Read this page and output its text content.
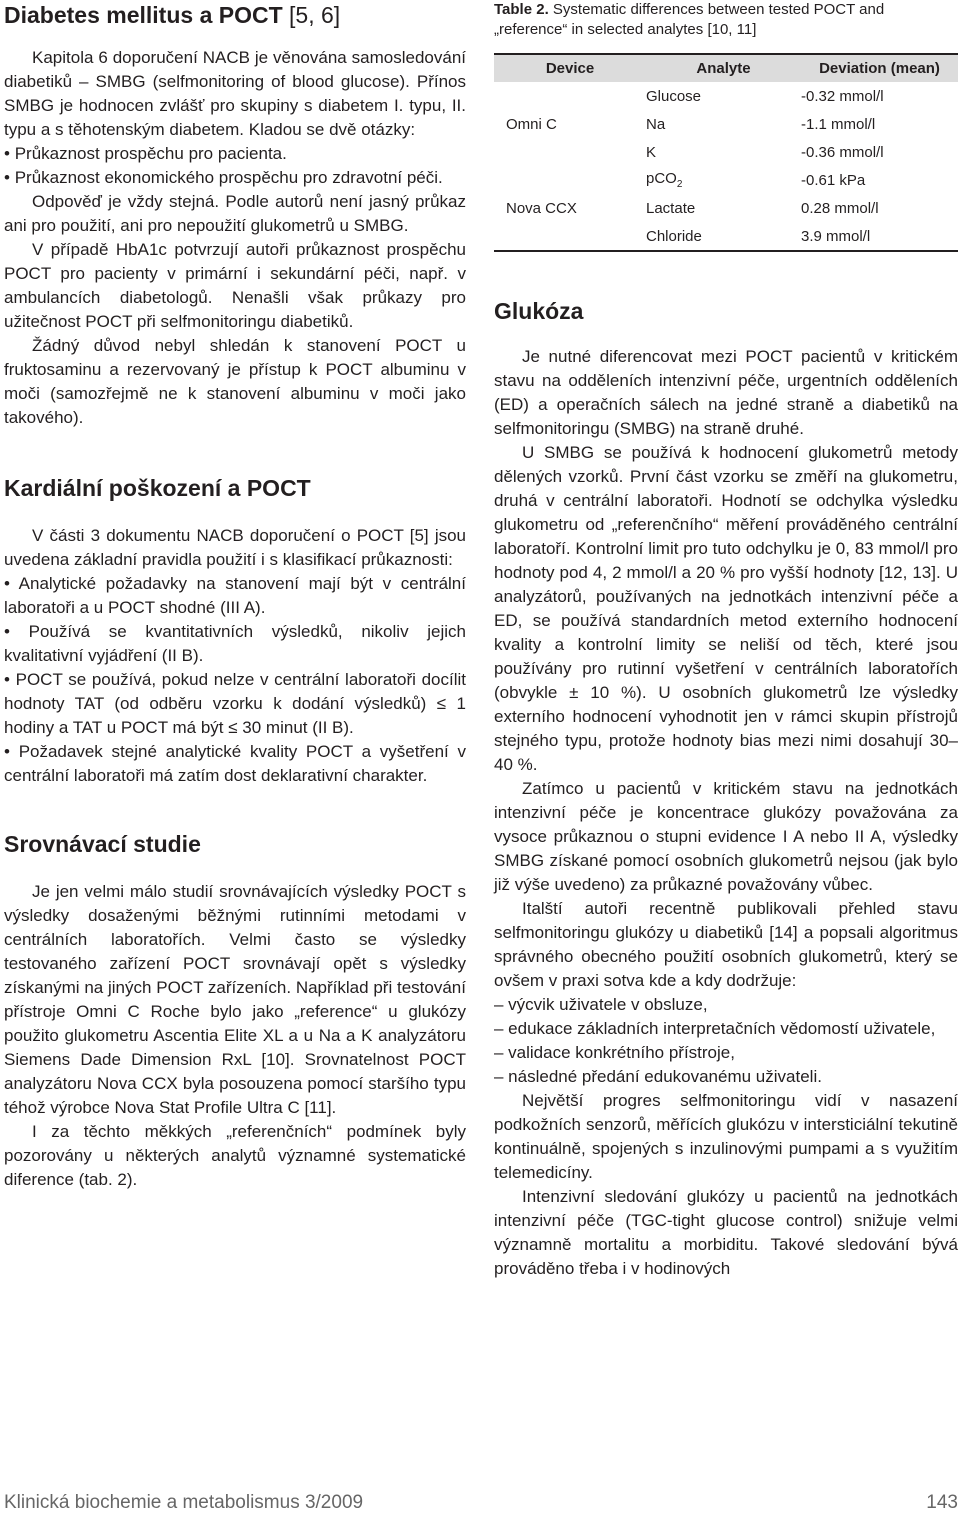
Diabetes mellitus a POCT [5, 6]

Kapitola 6 doporučení NACB je věnována samosledování diabetiků – SMBG (selfmonitoring of blood glucose). Přínos SMBG je hodnocen zvlášť pro skupiny s diabetem I. typu, II. typu a s těhotenským diabetem. Kladou se dvě otázky:

• Průkaznost prospěchu pro pacienta.

• Průkaznost ekonomického prospěchu pro zdravotní péči.

Odpověď je vždy stejná. Podle autorů není jasný průkaz ani pro použití, ani pro nepoužití glukometrů u SMBG.

V případě HbA1c potvrzují autoři průkaznost prospěchu POCT pro pacienty v primární i sekundární péči, např. v ambulancích diabetologů. Nenašli však průkazy pro užitečnost POCT při selfmonitoringu diabetiků.

Žádný důvod nebyl shledán k stanovení POCT u fruktosaminu a rezervovaný je přístup k POCT albuminu v moči (samozřejmě ne k stanovení albuminu v moči jako takového).

Kardiální poškození a POCT

V části 3 dokumentu NACB doporučení o POCT [5] jsou uvedena základní pravidla použití i s klasifikací průkaznosti:

• Analytické požadavky na stanovení mají být v centrální laboratoři a u POCT shodné (III A).

• Používá se kvantitativních výsledků, nikoliv jejich kvalitativní vyjádření (II B).

• POCT se používá, pokud nelze v centrální laboratoři docílit hodnoty TAT (od odběru vzorku k dodání výsledků) ≤ 1 hodiny a TAT u POCT má být ≤ 30 minut (II B).

• Požadavek stejné analytické kvality POCT a vyšetření v centrální laboratoři má zatím dost deklarativní charakter.

Srovnávací studie

Je jen velmi málo studií srovnávajících výsledky POCT s výsledky dosaženými běžnými rutinními metodami v centrálních laboratořích. Velmi často se výsledky testovaného zařízení POCT srovnávají opět s výsledky získanými na jiných POCT zařízeních. Například při testování přístroje Omni C Roche bylo jako „reference“ u glukózy použito glukometru Ascentia Elite XL a u Na a K analyzátoru Siemens Dade Dimension RxL [10]. Srovnatelnost POCT analyzátoru Nova CCX byla posouzena pomocí staršího typu téhož výrobce Nova Stat Profile Ultra C [11].

I za těchto měkkých „referenčních“ podmínek byly pozorovány u některých analytů významné systematické diference (tab. 2).

Table 2. Systematic differences between tested POCT and „reference“ in selected analytes [10, 11]

Device	Analyte	Deviation (mean)
	Glucose	-0.32 mmol/l
Omni C	Na	-1.1 mmol/l
	K	-0.36 mmol/l
	pCO$_2$	-0.61 kPa
Nova CCX	Lactate	0.28 mmol/l
	Chloride	3.9 mmol/l
Glukóza

Je nutné diferencovat mezi POCT pacientů v kritickém stavu na odděleních intenzivní péče, urgentních odděleních (ED) a operačních sálech na jedné straně a diabetiků na selfmonitoringu (SMBG) na straně druhé.

U SMBG se používá k hodnocení glukometrů metody dělených vzorků. První část vzorku se změří na glukometru, druhá v centrální laboratoři. Hodnotí se odchylka výsledku glukometru od „referenčního“ měření prováděného centrální laboratoří. Kontrolní limit pro tuto odchylku je 0, 83 mmol/l pro hodnoty pod 4, 2 mmol/l a 20 % pro vyšší hodnoty [12, 13]. U analyzátorů, používaných na jednotkách intenzivní péče a ED, se používá standardních metod externího hodnocení kvality a kontrolní limity se neliší od těch, které jsou používány pro rutinní vyšetření v centrálních laboratořích (obvykle ± 10 %). U osobních glukometrů lze výsledky externího hodnocení vyhodnotit jen v rámci skupin přístrojů stejného typu, protože hodnoty bias mezi nimi dosahují 30–40 %.

Zatímco u pacientů v kritickém stavu na jednotkách intenzivní péče je koncentrace glukózy považována za vysoce průkaznou o stupni evidence I A nebo II A, výsledky SMBG získané pomocí osobních glukometrů nejsou (jak bylo již výše uvedeno) za průkazné považovány vůbec.

Italští autoři recentně publikovali přehled stavu selfmonitoringu glukózy u diabetiků [14] a popsali algoritmus správného obecného použití osobních glukometrů, který se ovšem v praxi sotva kde a kdy dodržuje:

– výcvik uživatele v obsluze,

– edukace základních interpretačních vědomostí uživatele,

– validace konkrétního přístroje,

– následné předání edukovanému uživateli.

Největší progres selfmonitoringu vidí v nasazení podkožních senzorů, měřících glukózu v intersticiální tekutině kontinuálně, spojených s inzulinovými pumpami a s využitím telemedicíny.

Intenzivní sledování glukózy u pacientů na jednotkách intenzivní péče (TGC-tight glucose control) snižuje velmi významně mortalitu a morbiditu. Takové sledování bývá prováděno třeba i v hodinových

Klinická biochemie a metabolismus 3/2009	143
